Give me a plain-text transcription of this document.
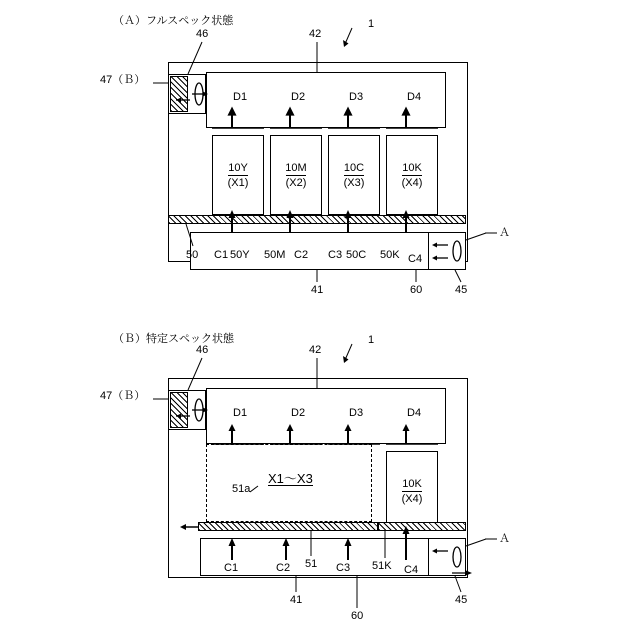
（Ａ）フルスペック状態
10Y
(X1)
10M
(X2)
10C
(X3)
10K
(X4)
1
46	42
47（Ｂ）
D1	D2	D3	D4
50 C1 50Y 50M C2 C3 50C 50K C4
41	60	45
Ａ
（Ｂ）特定スペック状態
10K
(X4)
1
46	42
47（Ｂ）
D1	D2	D3	D4
X1～X3
51a
C1	C2 51 C3 51K C4
41
60
45
Ａ
